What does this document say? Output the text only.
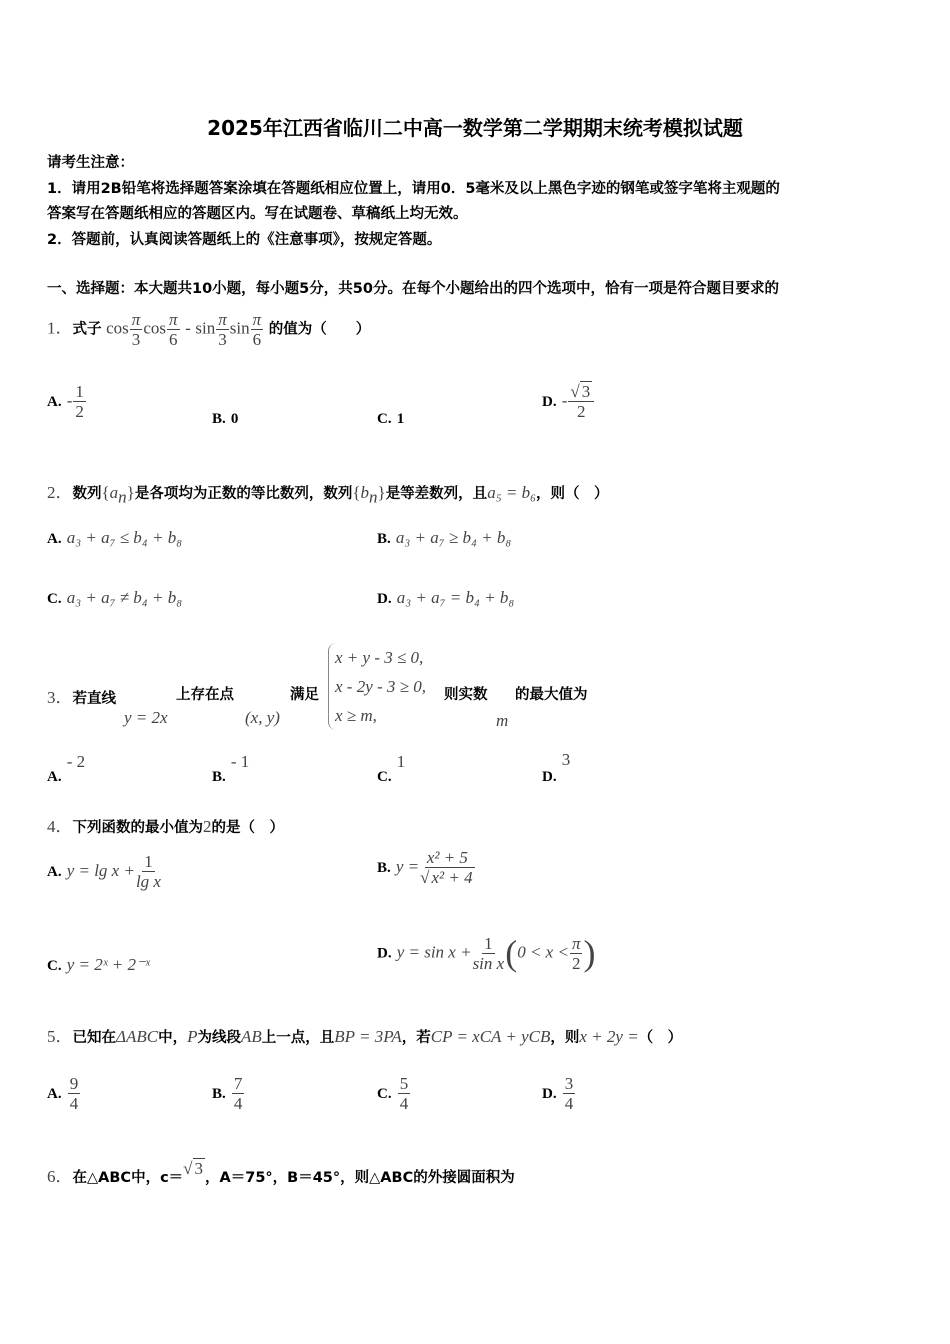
2025年江西省临川二中高一数学第二学期期末统考模拟试题
请考生注意：
1．请用2B铅笔将选择题答案涂填在答题纸相应位置上，请用0．5毫米及以上黑色字迹的钢笔或签字笔将主观题的
答案写在答题纸相应的答题区内。写在试题卷、草稿纸上均无效。
2．答题前，认真阅读答题纸上的《注意事项》，按规定答题。
一、选择题：本大题共10小题，每小题5分，共50分。在每个小题给出的四个选项中，恰有一项是符合题目要求的
1．式子 $\cos \frac{\pi}{3}$ $\cos \frac{\pi}{6}$ - $\sin \frac{\pi}{3}$ $\sin \frac{\pi}{6}$ 的值为（　　）
A. - $\frac{1}{2}$	B. 0	C. 1
D. - $\frac{√ 3}{2}$
2．数列$\{a_n\}$是各项均为正数的等比数列，数列$\{b_n\}$是等差数列，且a₅ = b₆，则（　）
A. a₃ + a₇ ≤ b₄ + b₈	B. a₃ + a₇ ≥ b₄ + b₈
C. a₃ + a₇ ≠ b₄ + b₈	D. a₃ + a₇ = b₄ + b₈
3．若直线
y = 2x
上存在点
(x, y)
满足
x + y - 3 ≤ 0,
x - 2y - 3 ≥ 0,
x ≥ m,
则实数
m
的最大值为
A. - 2
B. - 1
C. 1
D. 3
4．下列函数的最小值为2的是（　）
A. $y = \lg x + \frac{1}{\text{lg x}}$	B. $y = \frac{\text{x² + 5}}{\text{√ x² + 4}}$
C. y = 2ˣ + 2⁻ˣ
D. $y = \sin x + \frac{1}{\text{sin x}} (0 < x < \frac{\pi}{2}$ )
5．已知在ΔABC中，P为线段AB上一点，且BP = 3PA，若CP = xCA + yCB，则x + 2y =（　）
A. $\frac{9}{4}$	B. $\frac{7}{4}$	C. $\frac{5}{4}$	D. $\frac{3}{4}$
6．在△ABC中，c＝√ 3 ，A＝75°，B＝45°，则△ABC的外接圆面积为
